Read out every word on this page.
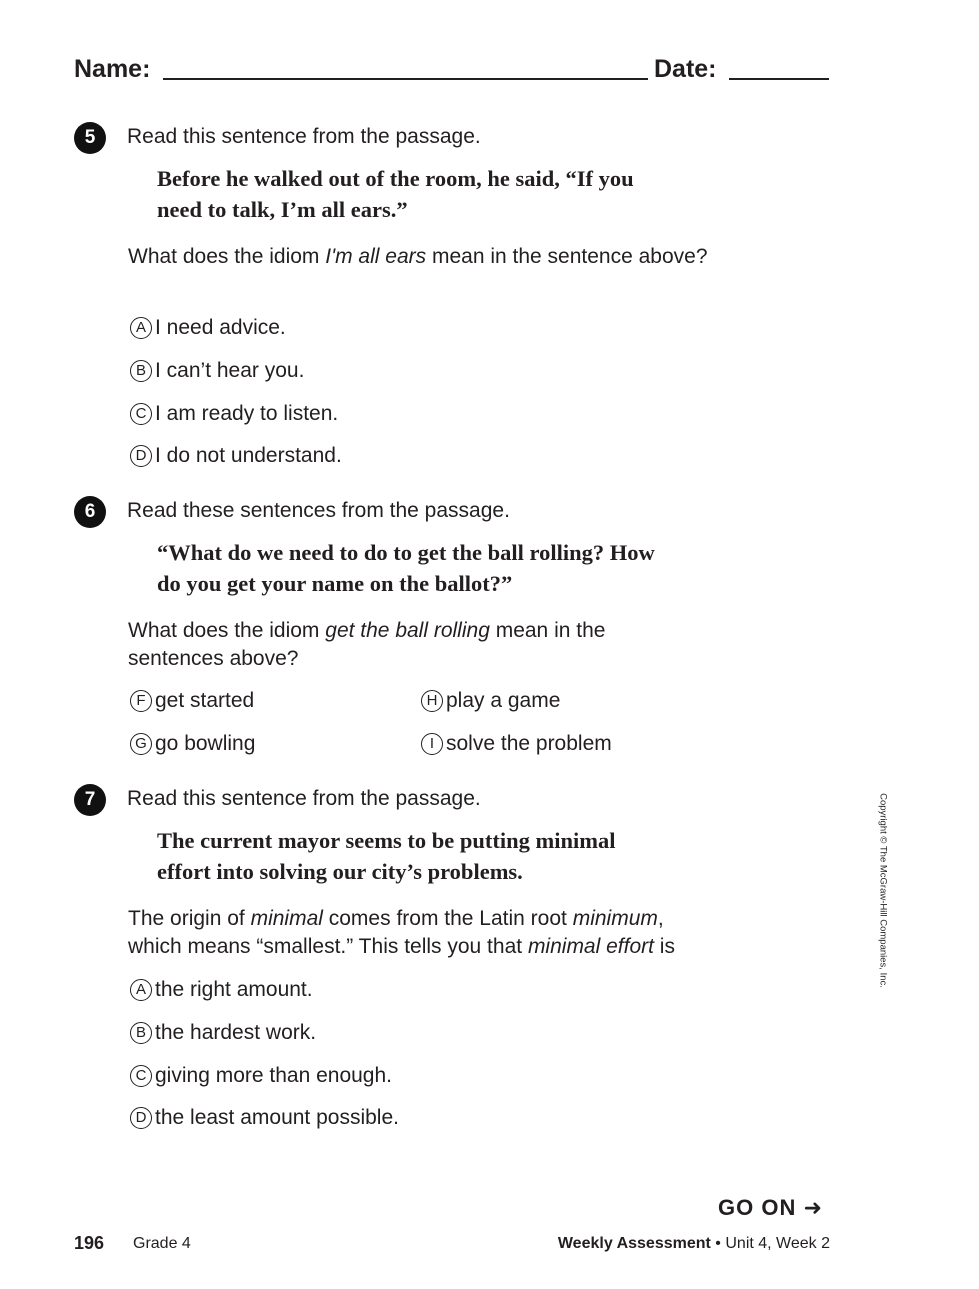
Name:	Date:
5	Read this sentence from the passage.
Before he walked out of the room, he said, “If you
need to talk, I’m all ears.”
What does the idiom I'm all ears mean in the sentence above?
A I need advice.
B I can’t hear you.
C I am ready to listen.
D I do not understand.
6	Read these sentences from the passage.
“What do we need to do to get the ball rolling? How
do you get your name on the ballot?”
What does the idiom get the ball rolling mean in the sentences above?
F get started
G go bowling
H play a game
I solve the problem
7	Read this sentence from the passage.
The current mayor seems to be putting minimal
effort into solving our city’s problems.
The origin of minimal comes from the Latin root minimum,
which means “smallest.” This tells you that minimal effort is
A the right amount.
B the hardest work.
C giving more than enough.
D the least amount possible.
Copyright © The McGraw-Hill Companies, Inc.
GO ON ➜
196 Grade 4	Weekly Assessment • Unit 4, Week 2
